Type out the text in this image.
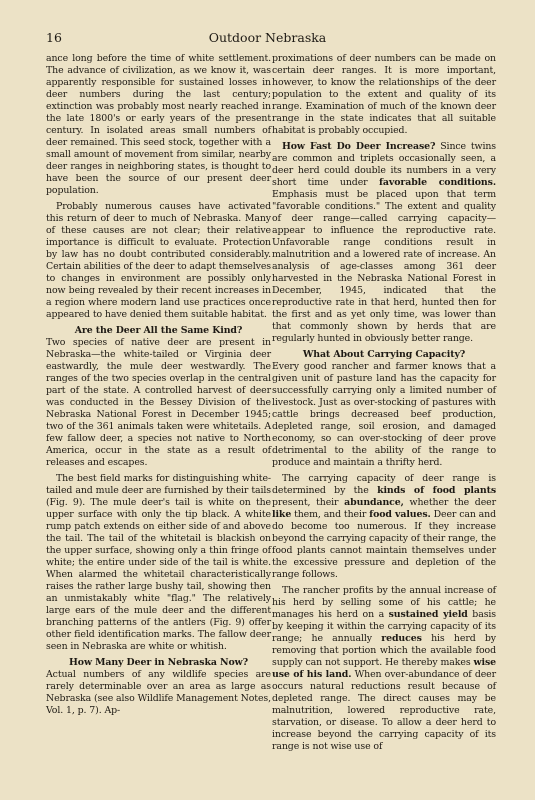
16	Outdoor Nebraska

ance long before the time of white settlement. The advance of civilization, as we know it, was apparently responsible for sustained losses in deer numbers during the last century; extinction was probably most nearly reached in the late 1800's or early years of the present century. In isolated areas small numbers of deer remained. This seed stock, together with a small amount of movement from similar, nearby deer ranges in neighboring states, is thought to have been the source of our present deer population.

Probably numerous causes have activated this return of deer to much of Nebraska. Many of these causes are not clear; their relative importance is difficult to evaluate. Protection by law has no doubt contributed considerably. Certain abilities of the deer to adapt themselves to changes in environment are possibly only now being revealed by their recent increases in a region where modern land use practices once appeared to have denied them suitable habitat.

Are the Deer All the Same Kind?

Two species of native deer are present in Nebraska—the white-tailed or Virginia deer eastwardly, the mule deer westwardly. The ranges of the two species overlap in the central part of the state. A controlled harvest of deer was conducted in the Bessey Division of the Nebraska National Forest in December 1945; two of the 361 animals taken were whitetails. A few fallow deer, a species not native to North America, occur in the state as a result of releases and escapes.

The best field marks for distinguishing white-tailed and mule deer are furnished by their tails (Fig. 9). The mule deer's tail is white on the upper surface with only the tip black. A white rump patch extends on either side of and above the tail. The tail of the whitetail is blackish on the upper surface, showing only a thin fringe of white; the entire under side of the tail is white. When alarmed the whitetail characteristically raises the rather large bushy tail, showing then an unmistakably white "flag." The relatively large ears of the mule deer and the different branching patterns of the antlers (Fig. 9) offer other field identification marks. The fallow deer seen in Nebraska are white or whitish.

How Many Deer in Nebraska Now?

Actual numbers of any wildlife species are rarely determinable over an area as large as Nebraska (see also Wildlife Management Notes, Vol. 1, p. 7). Ap-

proximations of deer numbers can be made on certain deer ranges. It is more important, however, to know the relationships of the deer population to the extent and quality of its range. Examination of much of the known deer range in the state indicates that all suitable habitat is probably occupied.

How Fast Do Deer Increase? Since twins are common and triplets occasionally seen, a deer herd could double its numbers in a very short time under favorable conditions. Emphasis must be placed upon that term "favorable conditions." The extent and quality of deer range—called carrying capacity—appear to influence the reproductive rate. Unfavorable range conditions result in malnutrition and a lowered rate of increase. An analysis of age-classes among 361 deer harvested in the Nebraska National Forest in December, 1945, indicated that the reproductive rate in that herd, hunted then for the first and as yet only time, was lower than that commonly shown by herds that are regularly hunted in obviously better range.

What About Carrying Capacity?

Every good rancher and farmer knows that a given unit of pasture land has the capacity for successfully carrying only a limited number of livestock. Just as over-stocking of pastures with cattle brings decreased beef production, depleted range, soil erosion, and damaged economy, so can over-stocking of deer prove detrimental to the ability of the range to produce and maintain a thrifty herd.

The carrying capacity of deer range is determined by the kinds of food plants present, their abundance, whether the deer like them, and their food values. Deer can and do become too numerous. If they increase beyond the carrying capacity of their range, the food plants cannot maintain themselves under the excessive pressure and depletion of the range follows.

The rancher profits by the annual increase of his herd by selling some of his cattle; he manages his herd on a sustained yield basis by keeping it within the carrying capacity of its range; he annually reduces his herd by removing that portion which the available food supply can not support. He thereby makes wise use of his land. When over-abundance of deer occurs natural reductions result because of depleted range. The direct causes may be malnutrition, lowered reproductive rate, starvation, or disease. To allow a deer herd to increase beyond the carrying capacity of its range is not wise use of
